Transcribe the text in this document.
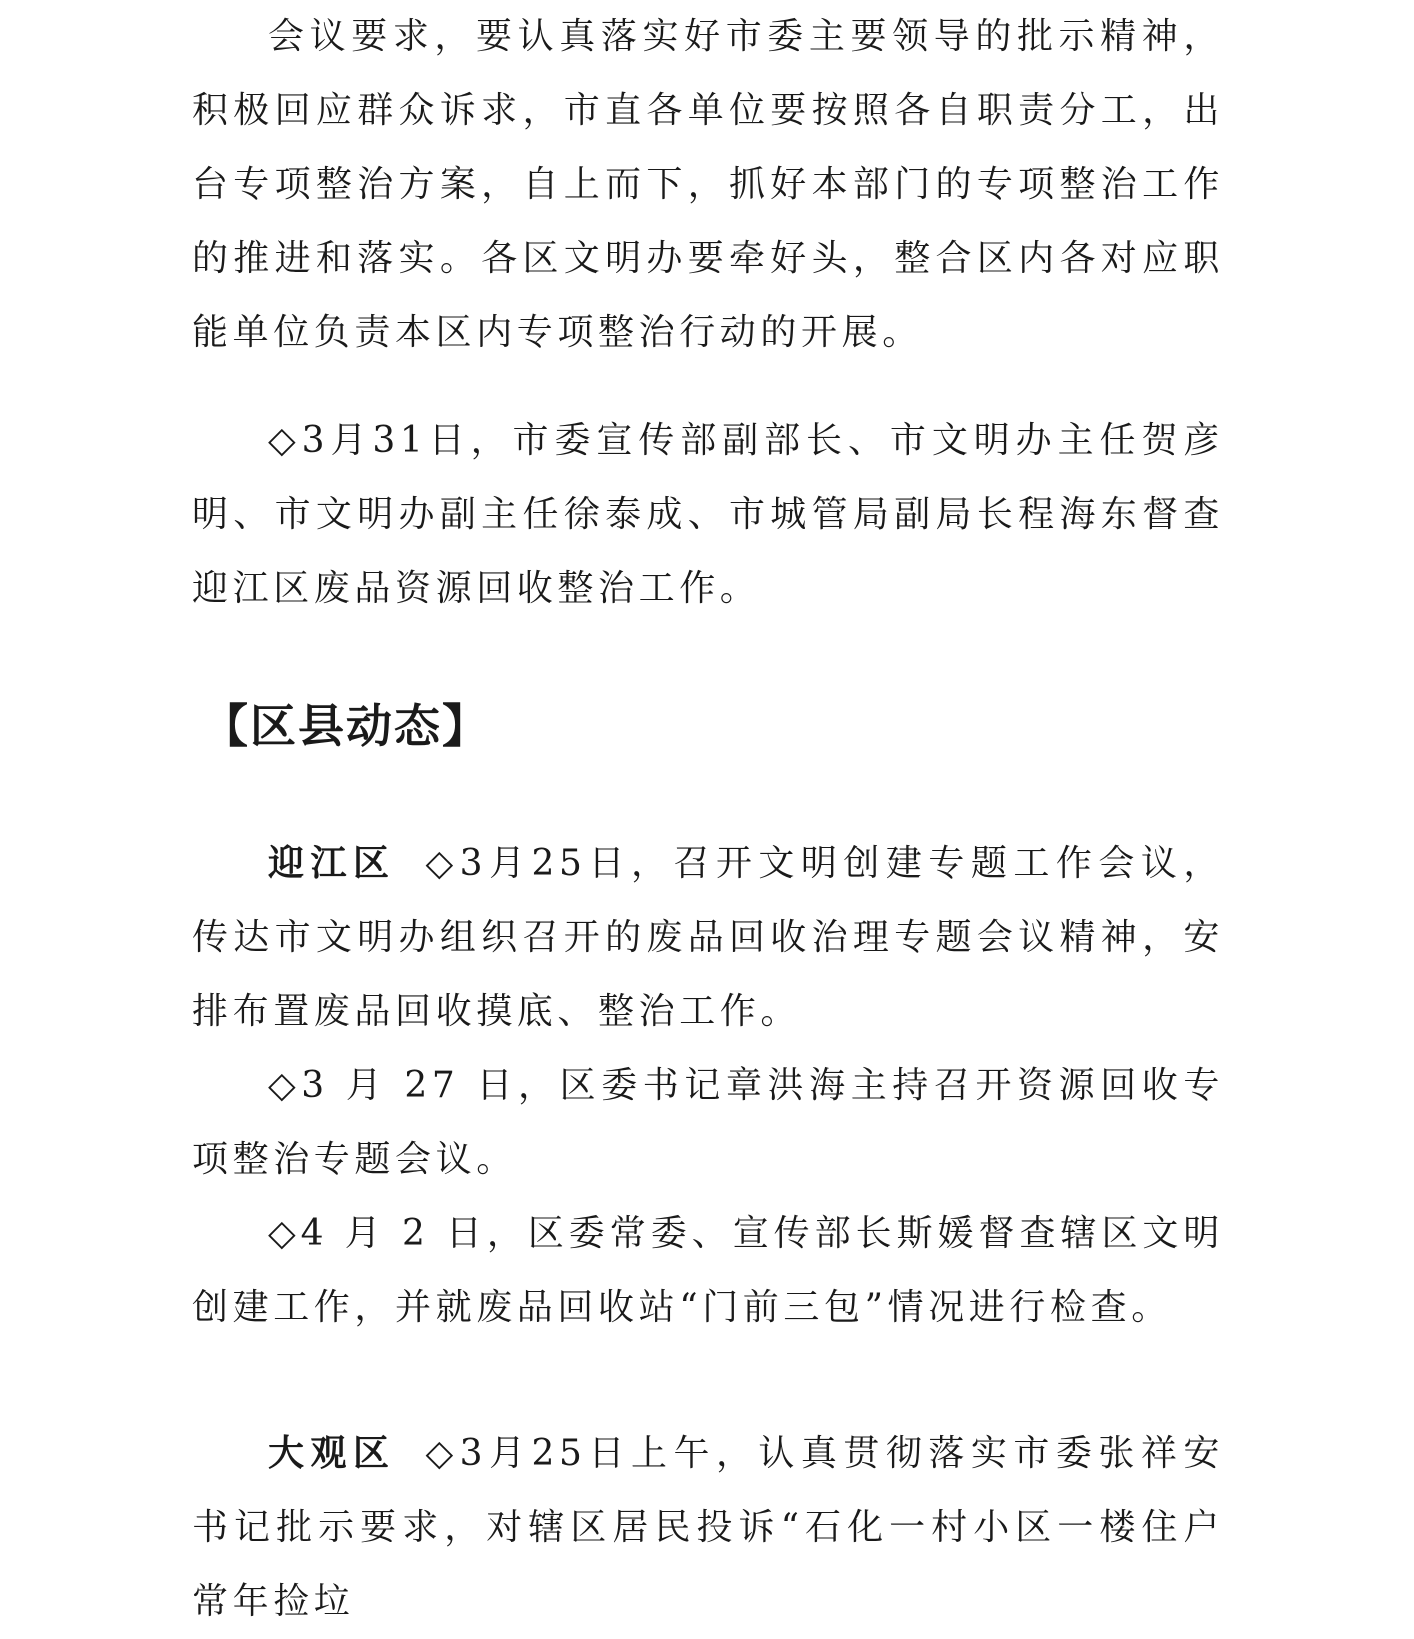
会议要求，要认真落实好市委主要领导的批示精神，积极回应群众诉求，市直各单位要按照各自职责分工，出台专项整治方案，自上而下，抓好本部门的专项整治工作的推进和落实。各区文明办要牵好头，整合区内各对应职能单位负责本区内专项整治行动的开展。

◇3月31日，市委宣传部副部长、市文明办主任贺彦明、市文明办副主任徐泰成、市城管局副局长程海东督查迎江区废品资源回收整治工作。

【区县动态】

迎江区 ◇3月25日，召开文明创建专题工作会议，传达市文明办组织召开的废品回收治理专题会议精神，安排布置废品回收摸底、整治工作。

◇3 月 27 日，区委书记章洪海主持召开资源回收专项整治专题会议。

◇4 月 2 日，区委常委、宣传部长斯媛督查辖区文明创建工作，并就废品回收站“门前三包”情况进行检查。

大观区 ◇3月25日上午，认真贯彻落实市委张祥安书记批示要求，对辖区居民投诉“石化一村小区一楼住户常年捡垃
